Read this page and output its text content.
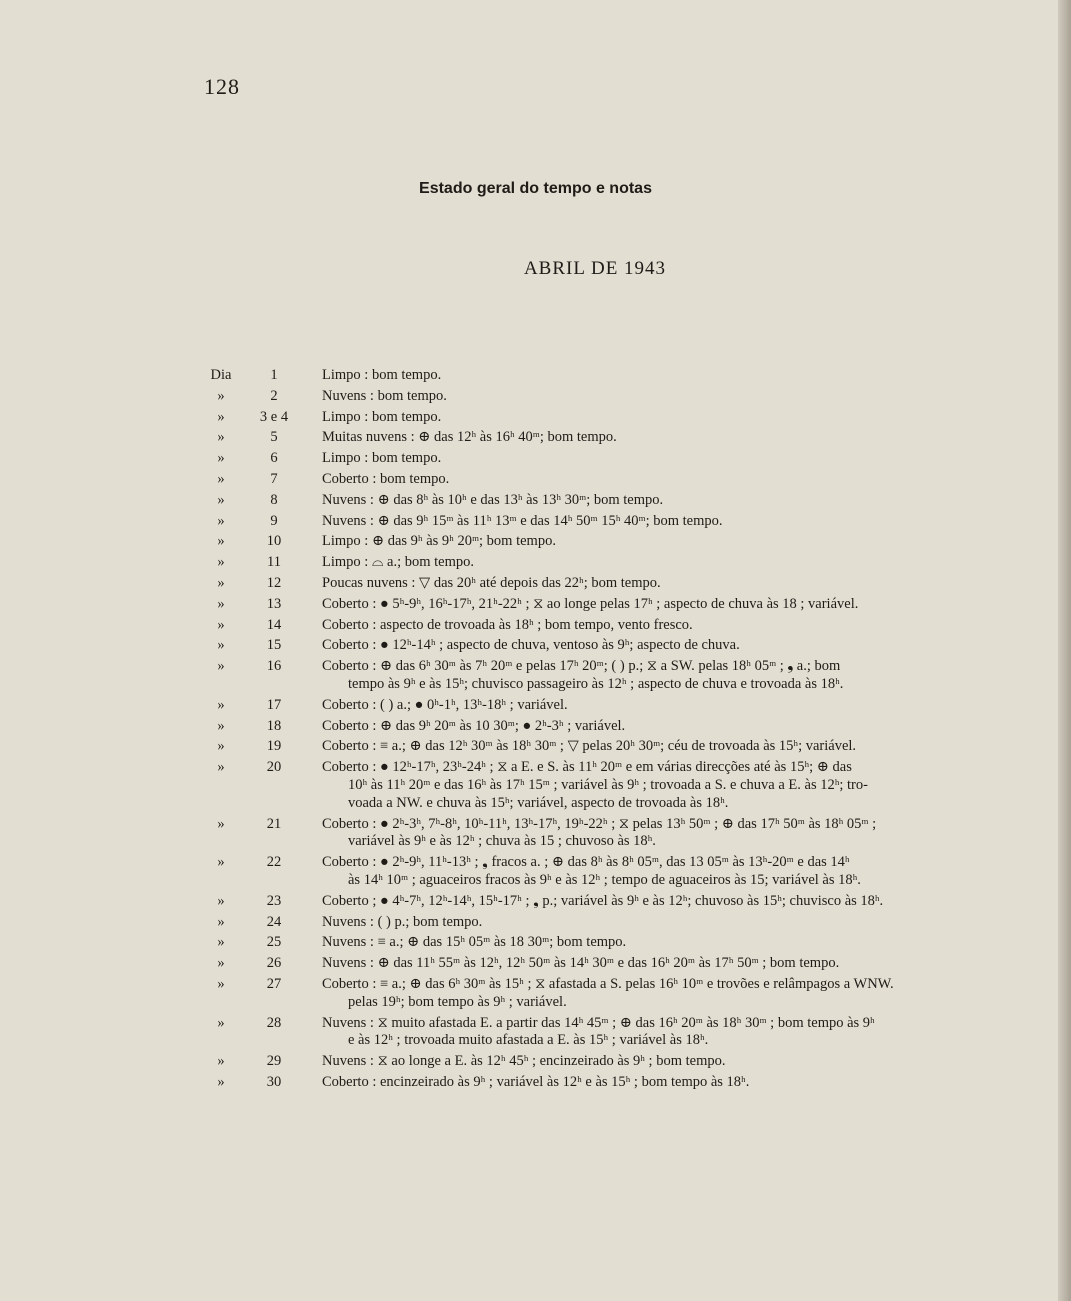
128
Estado geral do tempo e notas
ABRIL DE 1943
Dia	1	Limpo : bom tempo.
»	2	Nuvens : bom tempo.
»	3 e 4	Limpo : bom tempo.
»	5	Muitas nuvens : ⊕ das 12ʰ às 16ʰ 40ᵐ; bom tempo.
»	6	Limpo : bom tempo.
»	7	Coberto : bom tempo.
»	8	Nuvens : ⊕ das 8ʰ às 10ʰ e das 13ʰ às 13ʰ 30ᵐ; bom tempo.
»	9	Nuvens : ⊕ das 9ʰ 15ᵐ às 11ʰ 13ᵐ e das 14ʰ 50ᵐ 15ʰ 40ᵐ; bom tempo.
»	10	Limpo : ⊕ das 9ʰ às 9ʰ 20ᵐ; bom tempo.
»	11	Limpo : ⌓ a.; bom tempo.
»	12	Poucas nuvens : ▽ das 20ʰ até depois das 22ʰ; bom tempo.
»	13	Coberto : ● 5ʰ-9ʰ, 16ʰ-17ʰ, 21ʰ-22ʰ ; ⧖ ao longe pelas 17ʰ ; aspecto de chuva às 18 ; variável.
»	14	Coberto : aspecto de trovoada às 18ʰ ; bom tempo, vento fresco.
»	15	Coberto : ● 12ʰ-14ʰ ; aspecto de chuva, ventoso às 9ʰ; aspecto de chuva.
»	16	Coberto : ⊕ das 6ʰ 30ᵐ às 7ʰ 20ᵐ e pelas 17ʰ 20ᵐ; ( ) p.; ⧖ a SW. pelas 18ʰ 05ᵐ ; ❟ a.; bom
tempo às 9ʰ e às 15ʰ; chuvisco passageiro às 12ʰ ; aspecto de chuva e trovoada às 18ʰ.
»	17	Coberto : ( ) a.; ● 0ʰ-1ʰ, 13ʰ-18ʰ ; variável.
»	18	Coberto : ⊕ das 9ʰ 20ᵐ às 10 30ᵐ; ● 2ʰ-3ʰ ; variável.
»	19	Coberto : ≡ a.; ⊕ das 12ʰ 30ᵐ às 18ʰ 30ᵐ ; ▽ pelas 20ʰ 30ᵐ; céu de trovoada às 15ʰ; variável.
»	20	Coberto : ● 12ʰ-17ʰ, 23ʰ-24ʰ ; ⧖ a E. e S. às 11ʰ 20ᵐ e em várias direcções até às 15ʰ; ⊕ das
10ʰ às 11ʰ 20ᵐ e das 16ʰ às 17ʰ 15ᵐ ; variável às 9ʰ ; trovoada a S. e chuva a E. às 12ʰ; tro-
voada a NW. e chuva às 15ʰ; variável, aspecto de trovoada às 18ʰ.
»	21	Coberto : ● 2ʰ-3ʰ, 7ʰ-8ʰ, 10ʰ-11ʰ, 13ʰ-17ʰ, 19ʰ-22ʰ ; ⧖ pelas 13ʰ 50ᵐ ; ⊕ das 17ʰ 50ᵐ às 18ʰ 05ᵐ ;
variável às 9ʰ e às 12ʰ ; chuva às 15 ; chuvoso às 18ʰ.
»	22	Coberto : ● 2ʰ-9ʰ, 11ʰ-13ʰ ; ❟ fracos a. ; ⊕ das 8ʰ às 8ʰ 05ᵐ, das 13 05ᵐ às 13ʰ-20ᵐ e das 14ʰ
às 14ʰ 10ᵐ ; aguaceiros fracos às 9ʰ e às 12ʰ ; tempo de aguaceiros às 15; variável às 18ʰ.
»	23	Coberto ; ● 4ʰ-7ʰ, 12ʰ-14ʰ, 15ʰ-17ʰ ; ❟ p.; variável às 9ʰ e às 12ʰ; chuvoso às 15ʰ; chuvisco às 18ʰ.
»	24	Nuvens : ( ) p.; bom tempo.
»	25	Nuvens : ≡ a.; ⊕ das 15ʰ 05ᵐ às 18 30ᵐ; bom tempo.
»	26	Nuvens : ⊕ das 11ʰ 55ᵐ às 12ʰ, 12ʰ 50ᵐ às 14ʰ 30ᵐ e das 16ʰ 20ᵐ às 17ʰ 50ᵐ ; bom tempo.
»	27	Coberto : ≡ a.; ⊕ das 6ʰ 30ᵐ às 15ʰ ; ⧖ afastada a S. pelas 16ʰ 10ᵐ e trovões e relâmpagos a WNW.
pelas 19ʰ; bom tempo às 9ʰ ; variável.
»	28	Nuvens : ⧖ muito afastada E. a partir das 14ʰ 45ᵐ ; ⊕ das 16ʰ 20ᵐ às 18ʰ 30ᵐ ; bom tempo às 9ʰ
e às 12ʰ ; trovoada muito afastada a E. às 15ʰ ; variável às 18ʰ.
»	29	Nuvens : ⧖ ao longe a E. às 12ʰ 45ʰ ; encinzeirado às 9ʰ ; bom tempo.
»	30	Coberto : encinzeirado às 9ʰ ; variável às 12ʰ e às 15ʰ ; bom tempo às 18ʰ.
